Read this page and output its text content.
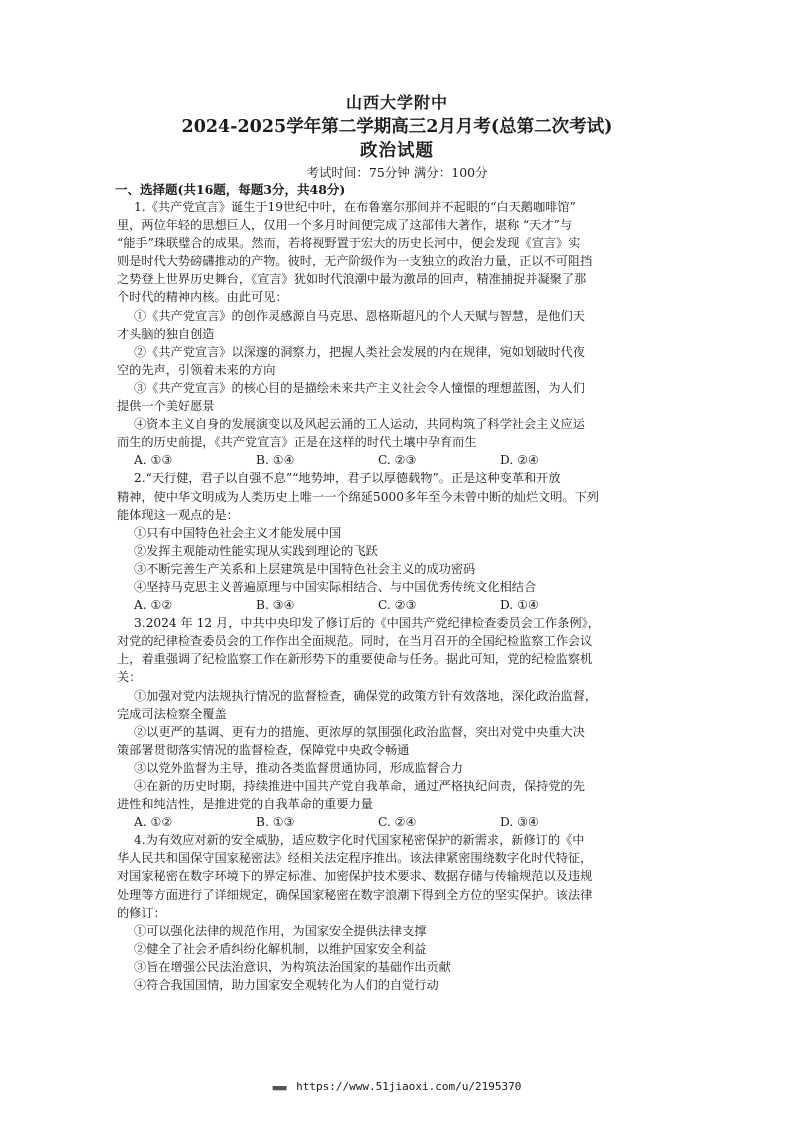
山西大学附中
2024-2025学年第二学期高三2月月考(总第二次考试)
政治试题
考试时间：75分钟 满分：100分
一、选择题(共16题，每题3分，共48分)
1.《共产党宣言》诞生于19世纪中叶，在布鲁塞尔那间并不起眼的“白天鹅咖啡馆”
里，两位年轻的思想巨人，仅用一个多月时间便完成了这部伟大著作，堪称 “天才”与
“能手”珠联璧合的成果。然而，若将视野置于宏大的历史长河中，便会发现《宣言》实
则是时代大势磅礴推动的产物。彼时，无产阶级作为一支独立的政治力量，正以不可阻挡
之势登上世界历史舞台，《宣言》犹如时代浪潮中最为激昂的回声，精准捕捉并凝聚了那
个时代的精神内核。由此可见：
①《共产党宣言》的创作灵感源自马克思、恩格斯超凡的个人天赋与智慧，是他们天
才头脑的独自创造
②《共产党宣言》以深邃的洞察力，把握人类社会发展的内在规律，宛如划破时代夜
空的先声，引领着未来的方向
③《共产党宣言》的核心目的是描绘未来共产主义社会令人憧憬的理想蓝图，为人们
提供一个美好愿景
④资本主义自身的发展演变以及风起云涌的工人运动，共同构筑了科学社会主义应运
而生的历史前提，《共产党宣言》正是在这样的时代土壤中孕育而生
A. ①③	B. ①④	C. ②③	D. ②④
2.“天行健，君子以自强不息”“地势坤，君子以厚德载物”。正是这种变革和开放
精神，使中华文明成为人类历史上唯一一个绵延5000多年至今未曾中断的灿烂文明。下列
能体现这一观点的是：
①只有中国特色社会主义才能发展中国
②发挥主观能动性能实现从实践到理论的飞跃
③不断完善生产关系和上层建筑是中国特色社会主义的成功密码
④坚持马克思主义普遍原理与中国实际相结合、与中国优秀传统文化相结合
A. ①②	B. ③④	C. ②③	D. ①④
3.2024 年 12 月，中共中央印发了修订后的《中国共产党纪律检查委员会工作条例》，
对党的纪律检查委员会的工作作出全面规范。同时，在当月召开的全国纪检监察工作会议
上，着重强调了纪检监察工作在新形势下的重要使命与任务。据此可知，党的纪检监察机
关：
①加强对党内法规执行情况的监督检查，确保党的政策方针有效落地，深化政治监督，
完成司法检察全覆盖
②以更严的基调、更有力的措施、更浓厚的氛围强化政治监督，突出对党中央重大决
策部署贯彻落实情况的监督检查，保障党中央政令畅通
③以党外监督为主导，推动各类监督贯通协同，形成监督合力
④在新的历史时期，持续推进中国共产党自我革命，通过严格执纪问责，保持党的先
进性和纯洁性，是推进党的自我革命的重要力量
A. ①②	B. ①③	C. ②④	D. ③④
4.为有效应对新的安全威胁，适应数字化时代国家秘密保护的新需求，新修订的《中
华人民共和国保守国家秘密法》经相关法定程序推出。该法律紧密围绕数字化时代特征，
对国家秘密在数字环境下的界定标准、加密保护技术要求、数据存储与传输规范以及违规
处理等方面进行了详细规定，确保国家秘密在数字浪潮下得到全方位的坚实保护。该法律
的修订：
①可以强化法律的规范作用，为国家安全提供法律支撑
②健全了社会矛盾纠纷化解机制，以维护国家安全利益
③旨在增强公民法治意识，为构筑法治国家的基础作出贡献
④符合我国国情，助力国家安全观转化为人们的自觉行动
■■■■ https://www.51jiaoxi.com/u/2195370
